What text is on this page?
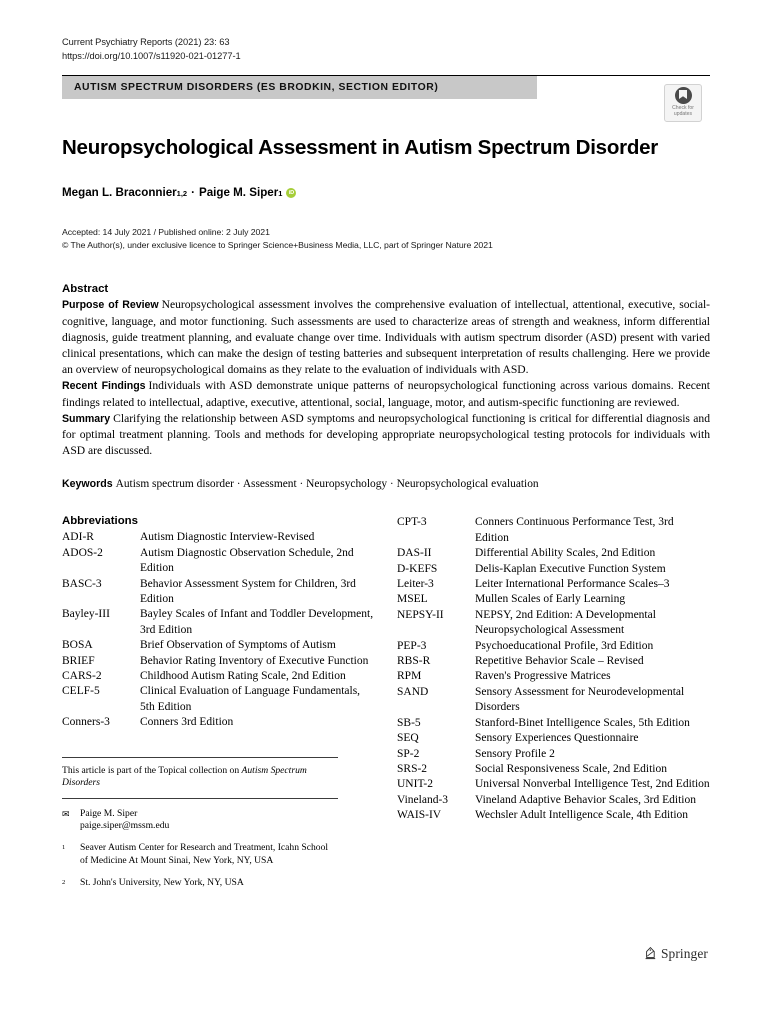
Check for
updates
Current Psychiatry Reports (2021) 23: 63
https://doi.org/10.1007/s11920-021-01277-1
AUTISM SPECTRUM DISORDERS (ES BRODKIN, SECTION EDITOR)
Neuropsychological Assessment in Autism Spectrum Disorder
Megan L. Braconnier 1,2 · Paige M. Siper 1
iD
Accepted: 14 July 2021 / Published online: 2 July 2021
© The Author(s), under exclusive licence to Springer Science+Business Media, LLC, part of Springer Nature 2021
Abstract

Purpose of Review Neuropsychological assessment involves the comprehensive evaluation of intellectual, attentional, executive, social-cognitive, language, and motor functioning. Such assessments are used to characterize areas of strength and weakness, inform differential diagnosis, guide treatment planning, and evaluate change over time. Individuals with autism spectrum disorder (ASD) present with varied clinical presentations, which can make the design of testing batteries and subsequent interpretation of results challenging. Here we provide an overview of neuropsychological domains as they relate to the evaluation of individuals with ASD.

Recent Findings Individuals with ASD demonstrate unique patterns of neuropsychological functioning across various domains. Recent findings related to intellectual, adaptive, executive, attentional, social, language, motor, and autism-specific functioning are reviewed.

Summary Clarifying the relationship between ASD symptoms and neuropsychological functioning is critical for differential diagnosis and for optimal treatment planning. Tools and methods for developing appropriate neuropsychological testing protocols for individuals with ASD are discussed.

Keywords Autism spectrum disorder · Assessment · Neuropsychology · Neuropsychological evaluation
Abbreviations
ADI-R	Autism Diagnostic Interview-Revised
ADOS-2	Autism Diagnostic Observation Schedule, 2nd Edition
BASC-3	Behavior Assessment System for Children, 3rd Edition
Bayley-III	Bayley Scales of Infant and Toddler Development, 3rd Edition
BOSA	Brief Observation of Symptoms of Autism
BRIEF	Behavior Rating Inventory of Executive Function
CARS-2	Childhood Autism Rating Scale, 2nd Edition
CELF-5	Clinical Evaluation of Language Fundamentals, 5th Edition
Conners-3	Conners 3rd Edition
This article is part of the Topical collection on Autism Spectrum Disorders
✉	Paige M. Siper
paige.siper@mssm.edu
1	Seaver Autism Center for Research and Treatment, Icahn School of Medicine At Mount Sinai, New York, NY, USA
2	St. John's University, New York, NY, USA
CPT-3	Conners Continuous Performance Test, 3rd Edition
DAS-II	Differential Ability Scales, 2nd Edition
D-KEFS	Delis-Kaplan Executive Function System
Leiter-3	Leiter International Performance Scales–3
MSEL	Mullen Scales of Early Learning
NEPSY-II	NEPSY, 2nd Edition: A Developmental Neuropsychological Assessment
PEP-3	Psychoeducational Profile, 3rd Edition
RBS-R	Repetitive Behavior Scale – Revised
RPM	Raven's Progressive Matrices
SAND	Sensory Assessment for Neurodevelopmental Disorders
SB-5	Stanford-Binet Intelligence Scales, 5th Edition
SEQ	Sensory Experiences Questionnaire
SP-2	Sensory Profile 2
SRS-2	Social Responsiveness Scale, 2nd Edition
UNIT-2	Universal Nonverbal Intelligence Test, 2nd Edition
Vineland-3	Vineland Adaptive Behavior Scales, 3rd Edition
WAIS-IV	Wechsler Adult Intelligence Scale, 4th Edition
Springer
